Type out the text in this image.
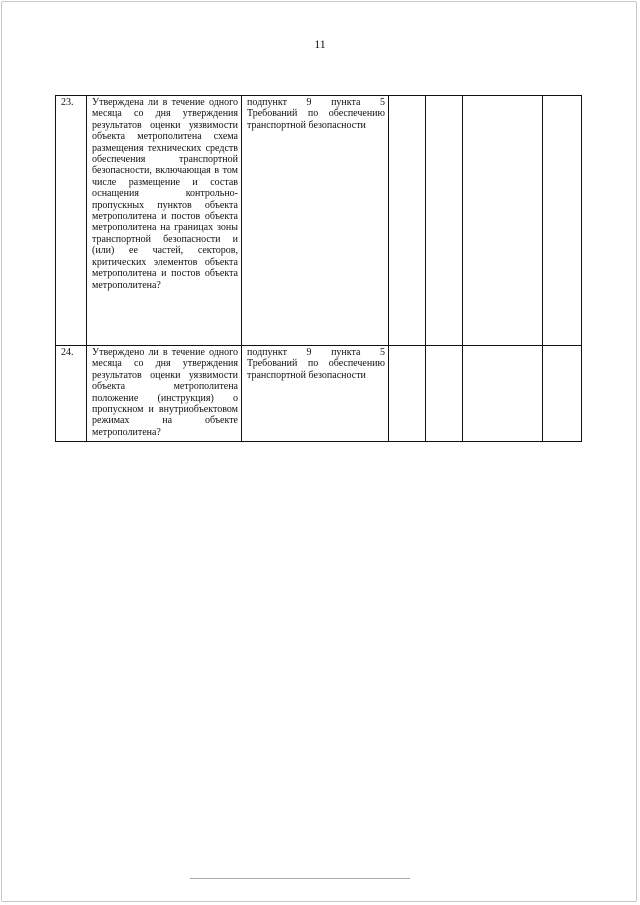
11
23.	Утверждена ли в течение одного месяца со дня утверждения результатов оценки уязвимости объекта метрополитена схема размещения технических средств обеспечения транспортной безопасности, включающая в том числе размещение и состав оснащения контрольно-пропускных пунктов объекта метрополитена и постов объекта метрополитена на границах зоны транспортной безопасности и (или) ее частей, секторов, критических элементов объекта метрополитена и постов объекта метрополитена?	подпункт 9 пункта 5 Требований по обеспечению транспортной безопасности				
24.	Утверждено ли в течение одного месяца со дня утверждения результатов оценки уязвимости объекта метрополитена положение (инструкция) о пропускном и внутриобъектовом режимах на объекте метрополитена?	подпункт 9 пункта 5 Требований по обеспечению транспортной безопасности				
